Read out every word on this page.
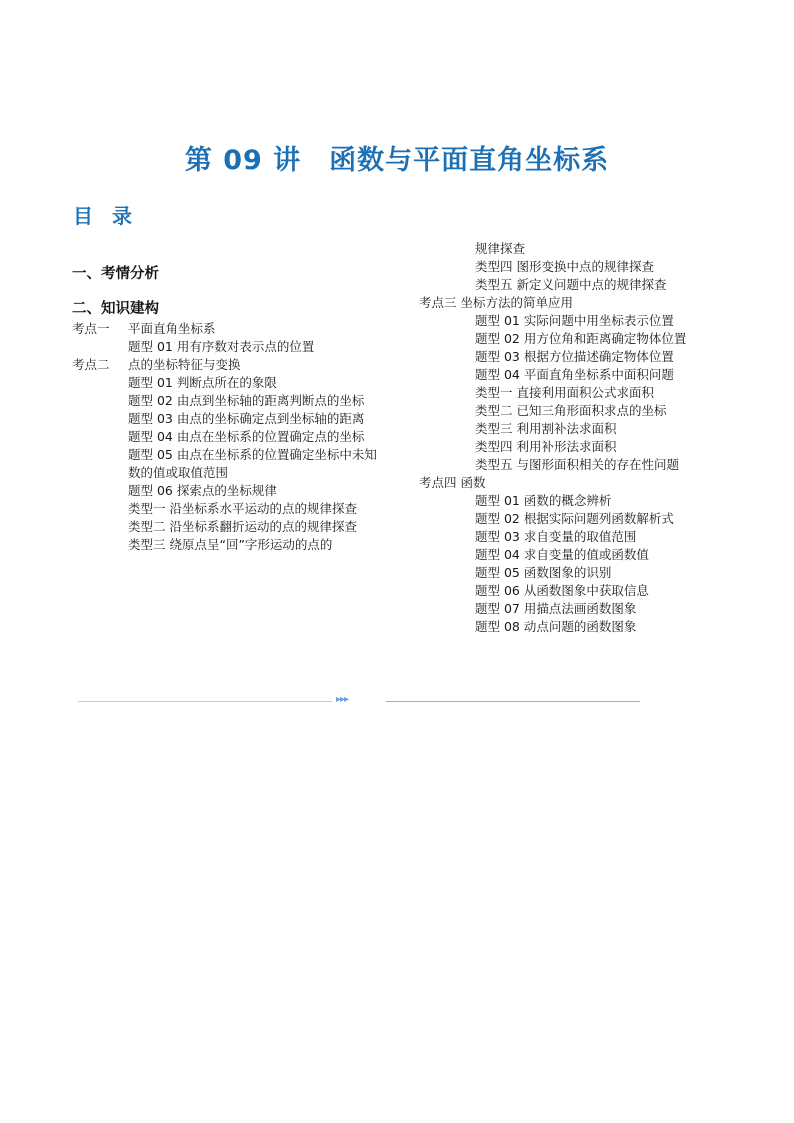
第 09 讲　函数与平面直角坐标系
目 录
一、考情分析
二、知识建构
考点一 平面直角坐标系
题型 01 用有序数对表示点的位置
考点二 点的坐标特征与变换
题型 01 判断点所在的象限
题型 02 由点到坐标轴的距离判断点的坐标
题型 03 由点的坐标确定点到坐标轴的距离
题型 04 由点在坐标系的位置确定点的坐标
题型 05 由点在坐标系的位置确定坐标中未知数的值或取值范围
题型 06 探索点的坐标规律
类型一 沿坐标系水平运动的点的规律探查
类型二 沿坐标系翻折运动的点的规律探查
类型三 绕原点呈“回”字形运动的点的
规律探查
类型四 图形变换中点的规律探查
类型五 新定义问题中点的规律探查
考点三 坐标方法的简单应用
题型 01 实际问题中用坐标表示位置
题型 02 用方位角和距离确定物体位置
题型 03 根据方位描述确定物体位置
题型 04 平面直角坐标系中面积问题
类型一 直接利用面积公式求面积
类型二 已知三角形面积求点的坐标
类型三 利用割补法求面积
类型四 利用补形法求面积
类型五 与图形面积相关的存在性问题
考点四 函数
题型 01 函数的概念辨析
题型 02 根据实际问题列函数解析式
题型 03 求自变量的取值范围
题型 04 求自变量的值或函数值
题型 05 函数图象的识别
题型 06 从函数图象中获取信息
题型 07 用描点法画函数图象
题型 08 动点问题的函数图象
▸▸▸
